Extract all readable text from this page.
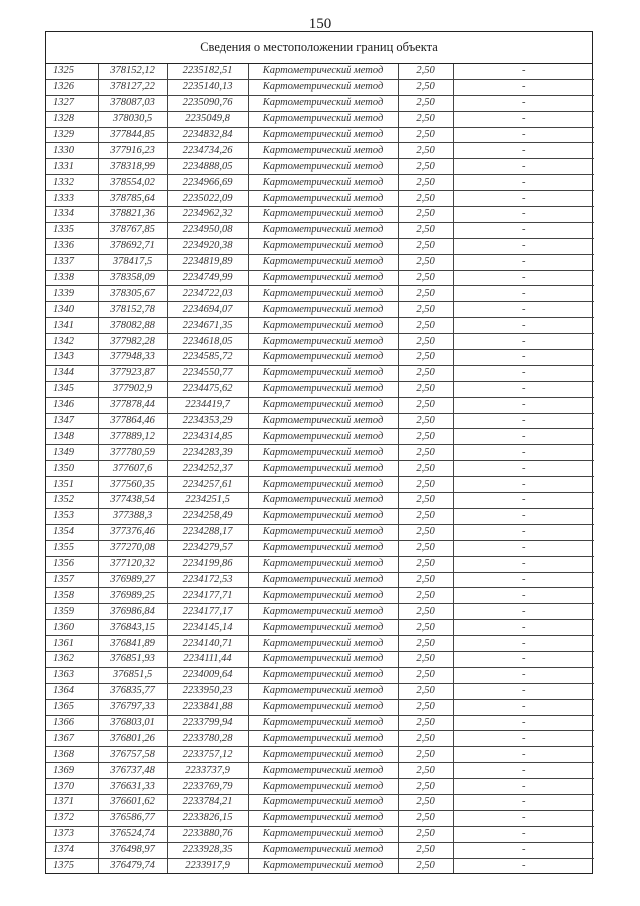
150
Сведения о местоположении границ объекта
1325	378152,12	2235182,51	Картометрический метод	2,50	-
1326	378127,22	2235140,13	Картометрический метод	2,50	-
1327	378087,03	2235090,76	Картометрический метод	2,50	-
1328	378030,5	2235049,8	Картометрический метод	2,50	-
1329	377844,85	2234832,84	Картометрический метод	2,50	-
1330	377916,23	2234734,26	Картометрический метод	2,50	-
1331	378318,99	2234888,05	Картометрический метод	2,50	-
1332	378554,02	2234966,69	Картометрический метод	2,50	-
1333	378785,64	2235022,09	Картометрический метод	2,50	-
1334	378821,36	2234962,32	Картометрический метод	2,50	-
1335	378767,85	2234950,08	Картометрический метод	2,50	-
1336	378692,71	2234920,38	Картометрический метод	2,50	-
1337	378417,5	2234819,89	Картометрический метод	2,50	-
1338	378358,09	2234749,99	Картометрический метод	2,50	-
1339	378305,67	2234722,03	Картометрический метод	2,50	-
1340	378152,78	2234694,07	Картометрический метод	2,50	-
1341	378082,88	2234671,35	Картометрический метод	2,50	-
1342	377982,28	2234618,05	Картометрический метод	2,50	-
1343	377948,33	2234585,72	Картометрический метод	2,50	-
1344	377923,87	2234550,77	Картометрический метод	2,50	-
1345	377902,9	2234475,62	Картометрический метод	2,50	-
1346	377878,44	2234419,7	Картометрический метод	2,50	-
1347	377864,46	2234353,29	Картометрический метод	2,50	-
1348	377889,12	2234314,85	Картометрический метод	2,50	-
1349	377780,59	2234283,39	Картометрический метод	2,50	-
1350	377607,6	2234252,37	Картометрический метод	2,50	-
1351	377560,35	2234257,61	Картометрический метод	2,50	-
1352	377438,54	2234251,5	Картометрический метод	2,50	-
1353	377388,3	2234258,49	Картометрический метод	2,50	-
1354	377376,46	2234288,17	Картометрический метод	2,50	-
1355	377270,08	2234279,57	Картометрический метод	2,50	-
1356	377120,32	2234199,86	Картометрический метод	2,50	-
1357	376989,27	2234172,53	Картометрический метод	2,50	-
1358	376989,25	2234177,71	Картометрический метод	2,50	-
1359	376986,84	2234177,17	Картометрический метод	2,50	-
1360	376843,15	2234145,14	Картометрический метод	2,50	-
1361	376841,89	2234140,71	Картометрический метод	2,50	-
1362	376851,93	2234111,44	Картометрический метод	2,50	-
1363	376851,5	2234009,64	Картометрический метод	2,50	-
1364	376835,77	2233950,23	Картометрический метод	2,50	-
1365	376797,33	2233841,88	Картометрический метод	2,50	-
1366	376803,01	2233799,94	Картометрический метод	2,50	-
1367	376801,26	2233780,28	Картометрический метод	2,50	-
1368	376757,58	2233757,12	Картометрический метод	2,50	-
1369	376737,48	2233737,9	Картометрический метод	2,50	-
1370	376631,33	2233769,79	Картометрический метод	2,50	-
1371	376601,62	2233784,21	Картометрический метод	2,50	-
1372	376586,77	2233826,15	Картометрический метод	2,50	-
1373	376524,74	2233880,76	Картометрический метод	2,50	-
1374	376498,97	2233928,35	Картометрический метод	2,50	-
1375	376479,74	2233917,9	Картометрический метод	2,50	-
